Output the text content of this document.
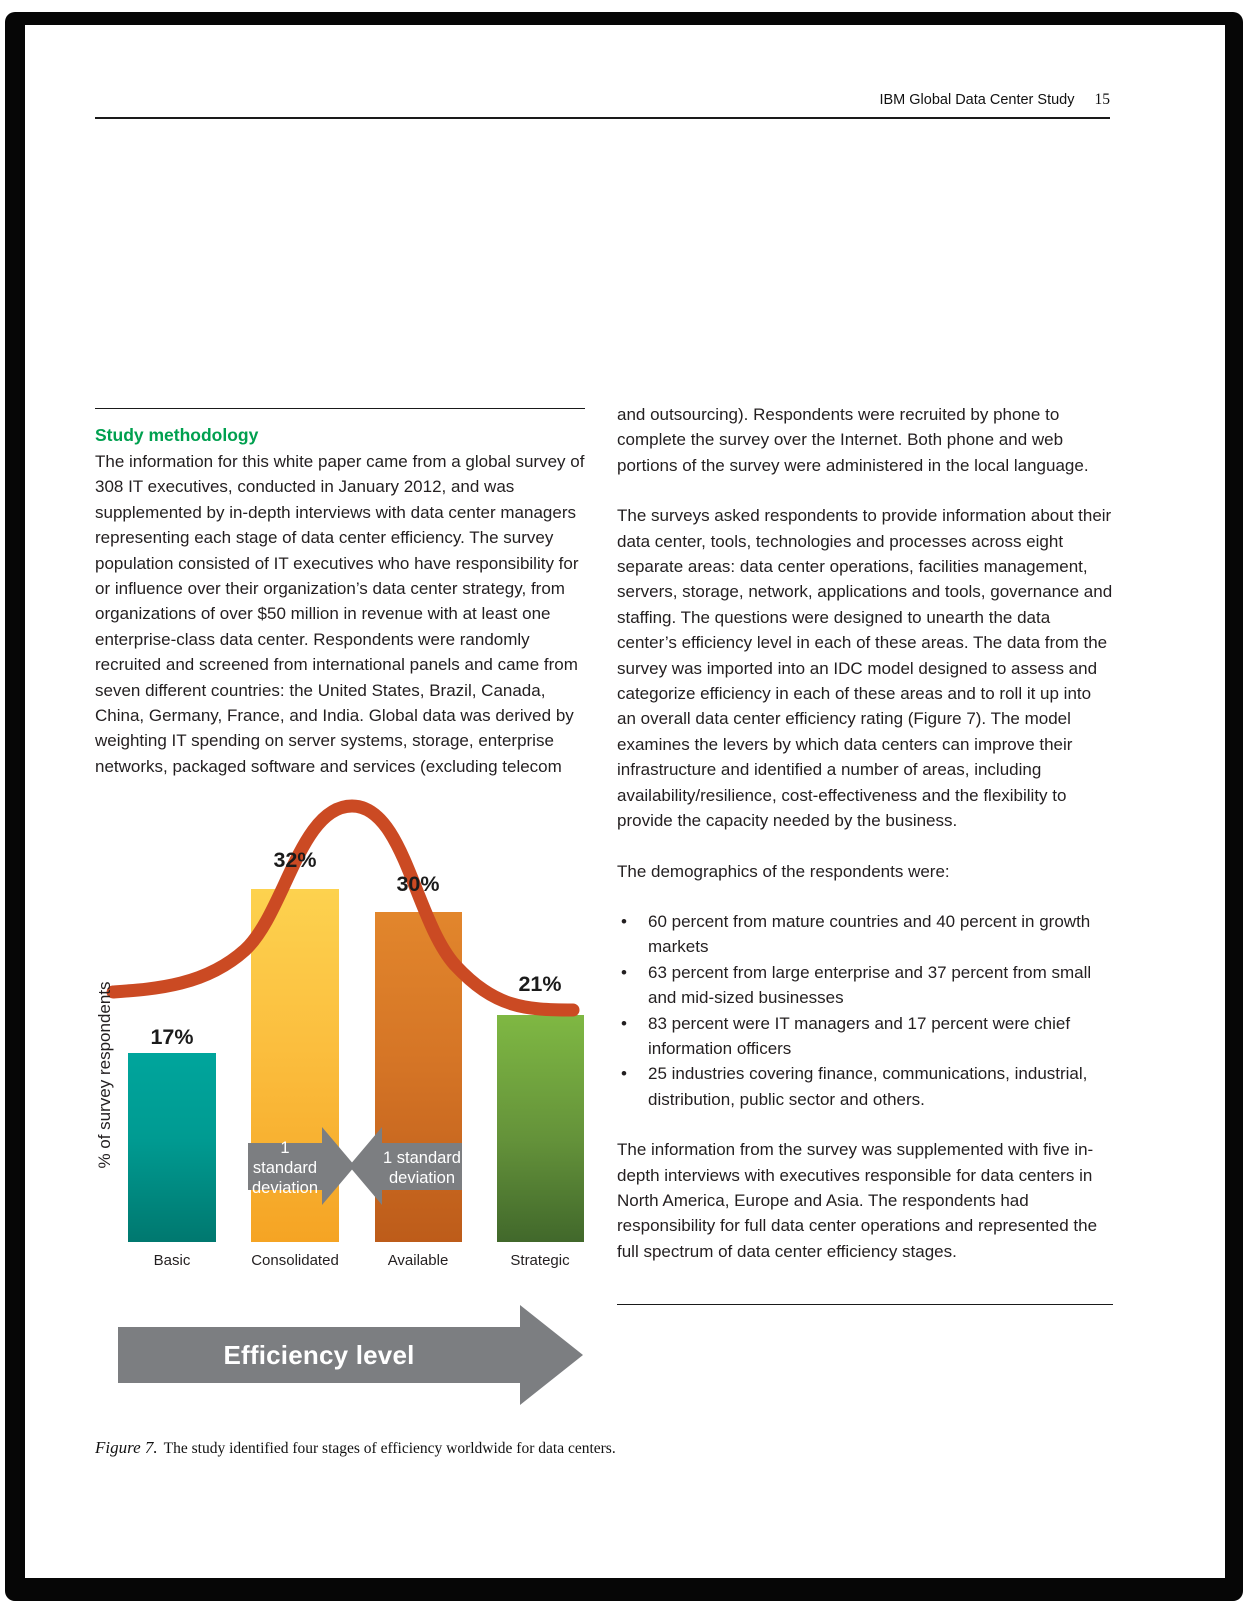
IBM Global Data Center Study 15
Study methodology

The information for this white paper came from a global survey of 308 IT executives, conducted in January 2012, and was supplemented by in-depth interviews with data center managers representing each stage of data center efficiency. The survey population consisted of IT executives who have responsibility for or influence over their organization’s data center strategy, from organizations of over $50 million in revenue with at least one enterprise-class data center. Respondents were randomly recruited and screened from international panels and came from seven different countries: the United States, Brazil, Canada, China, Germany, France, and India. Global data was derived by weighting IT spending on server systems, storage, enterprise networks, packaged software and services (excluding telecom

and outsourcing). Respondents were recruited by phone to complete the survey over the Internet. Both phone and web portions of the survey were administered in the local language.

The surveys asked respondents to provide information about their data center, tools, technologies and processes across eight separate areas: data center operations, facilities management, servers, storage, network, applications and tools, governance and staffing. The questions were designed to unearth the data center’s efficiency level in each of these areas. The data from the survey was imported into an IDC model designed to assess and categorize efficiency in each of these areas and to roll it up into an overall data center efficiency rating (Figure 7). The model examines the levers by which data centers can improve their infrastructure and identified a number of areas, including availability/resilience, cost-effectiveness and the flexibility to provide the capacity needed by the business.

The demographics of the respondents were:

• 60 percent from mature countries and 40 percent in growth markets
• 63 percent from large enterprise and 37 percent from small and mid-sized businesses
• 83 percent were IT managers and 17 percent were chief information officers
• 25 industries covering finance, communications, industrial, distribution, public sector and others.

The information from the survey was supplemented with five in-depth interviews with executives responsible for data centers in North America, Europe and Asia. The respondents had responsibility for full data center operations and represented the full spectrum of data center efficiency stages.

17%
32%
30%
21%
Basic	Consolidated	Available	Strategic
% of survey respondents	1 standard
deviation
1 standard
deviation
Efficiency level
Figure 7. The study identified four stages of efficiency worldwide for data centers.
